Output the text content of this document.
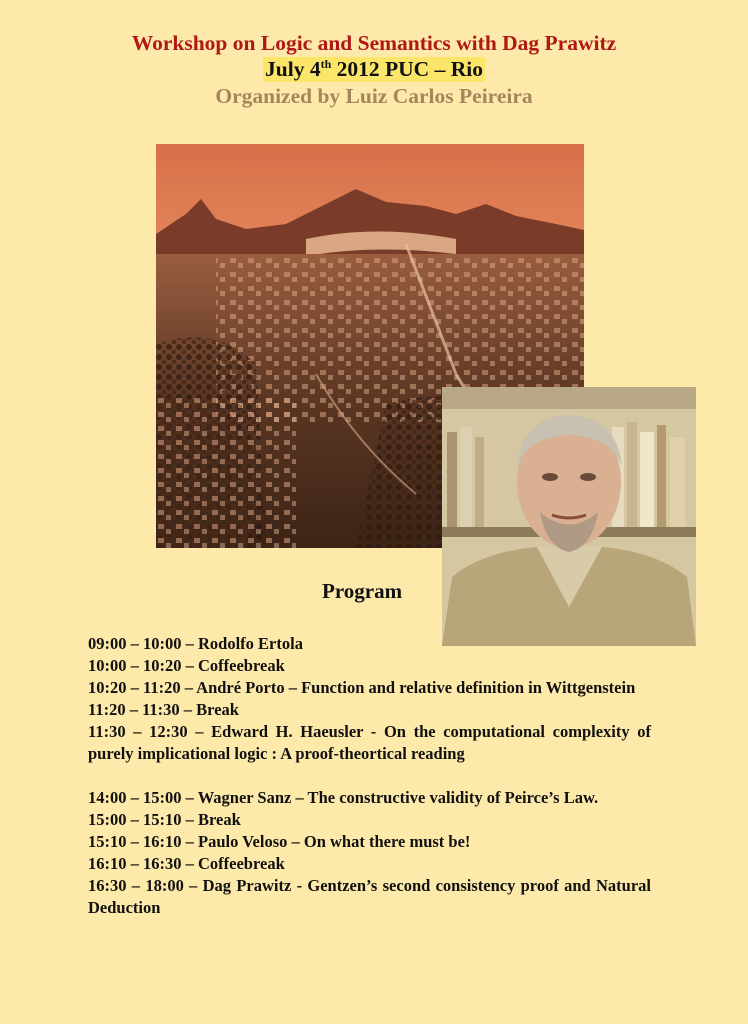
Workshop on Logic and Semantics with Dag Prawitz

July 4th 2012 PUC – Rio
Organized by Luiz Carlos Peireira
Program

09:00 – 10:00 – Rodolfo Ertola

10:00 – 10:20 – Coffeebreak

10:20 – 11:20 – André Porto – Function and relative definition in Wittgenstein

11:20 – 11:30 – Break

11:30 – 12:30 – Edward H. Haeusler - On the computational complexity of purely implicational logic : A proof-theortical reading

14:00 – 15:00 – Wagner Sanz – The constructive validity of Peirce’s Law.

15:00 – 15:10 – Break

15:10 – 16:10 – Paulo Veloso – On what there must be!

16:10 – 16:30 – Coffeebreak

16:30 – 18:00 – Dag Prawitz - Gentzen’s second consistency proof and Natural Deduction
